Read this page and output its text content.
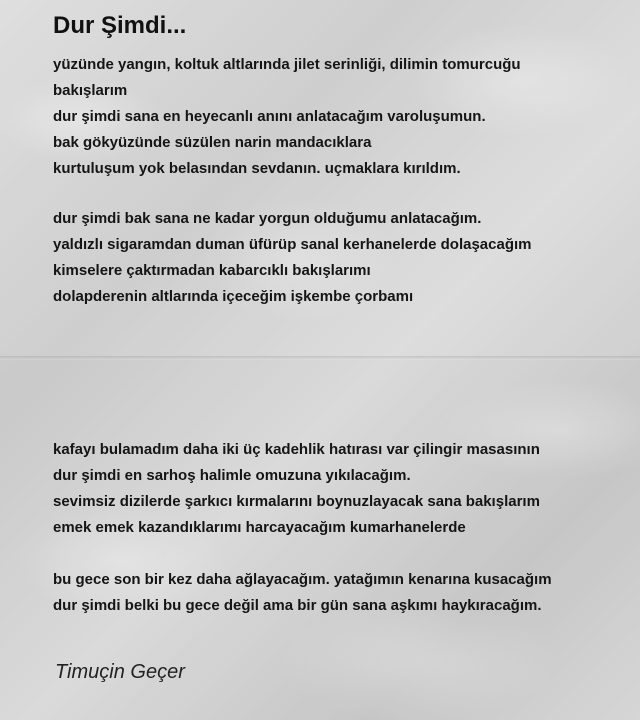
Dur Şimdi...

yüzünde yangın, koltuk altlarında jilet serinliği, dilimin tomurcuğu
bakışlarım
dur şimdi sana en heyecanlı anını anlatacağım varoluşumun.
bak gökyüzünde süzülen narin mandacıklara
kurtuluşum yok belasından sevdanın. uçmaklara kırıldım.

dur şimdi bak sana ne kadar yorgun olduğumu anlatacağım.
yaldızlı sigaramdan duman üfürüp sanal kerhanelerde dolaşacağım
kimselere çaktırmadan kabarcıklı bakışlarımı
dolapderenin altlarında içeceğim işkembe çorbamı

kafayı bulamadım daha iki üç kadehlik hatırası var çilingir masasının
dur şimdi en sarhoş halimle omuzuna yıkılacağım.
sevimsiz dizilerde şarkıcı kırmalarını boynuzlayacak sana bakışlarım
emek emek kazandıklarımı harcayacağım kumarhanelerde

bu gece son bir kez daha ağlayacağım. yatağımın kenarına kusacağım
dur şimdi belki bu gece değil ama bir gün sana aşkımı haykıracağım.

Timuçin Geçer
